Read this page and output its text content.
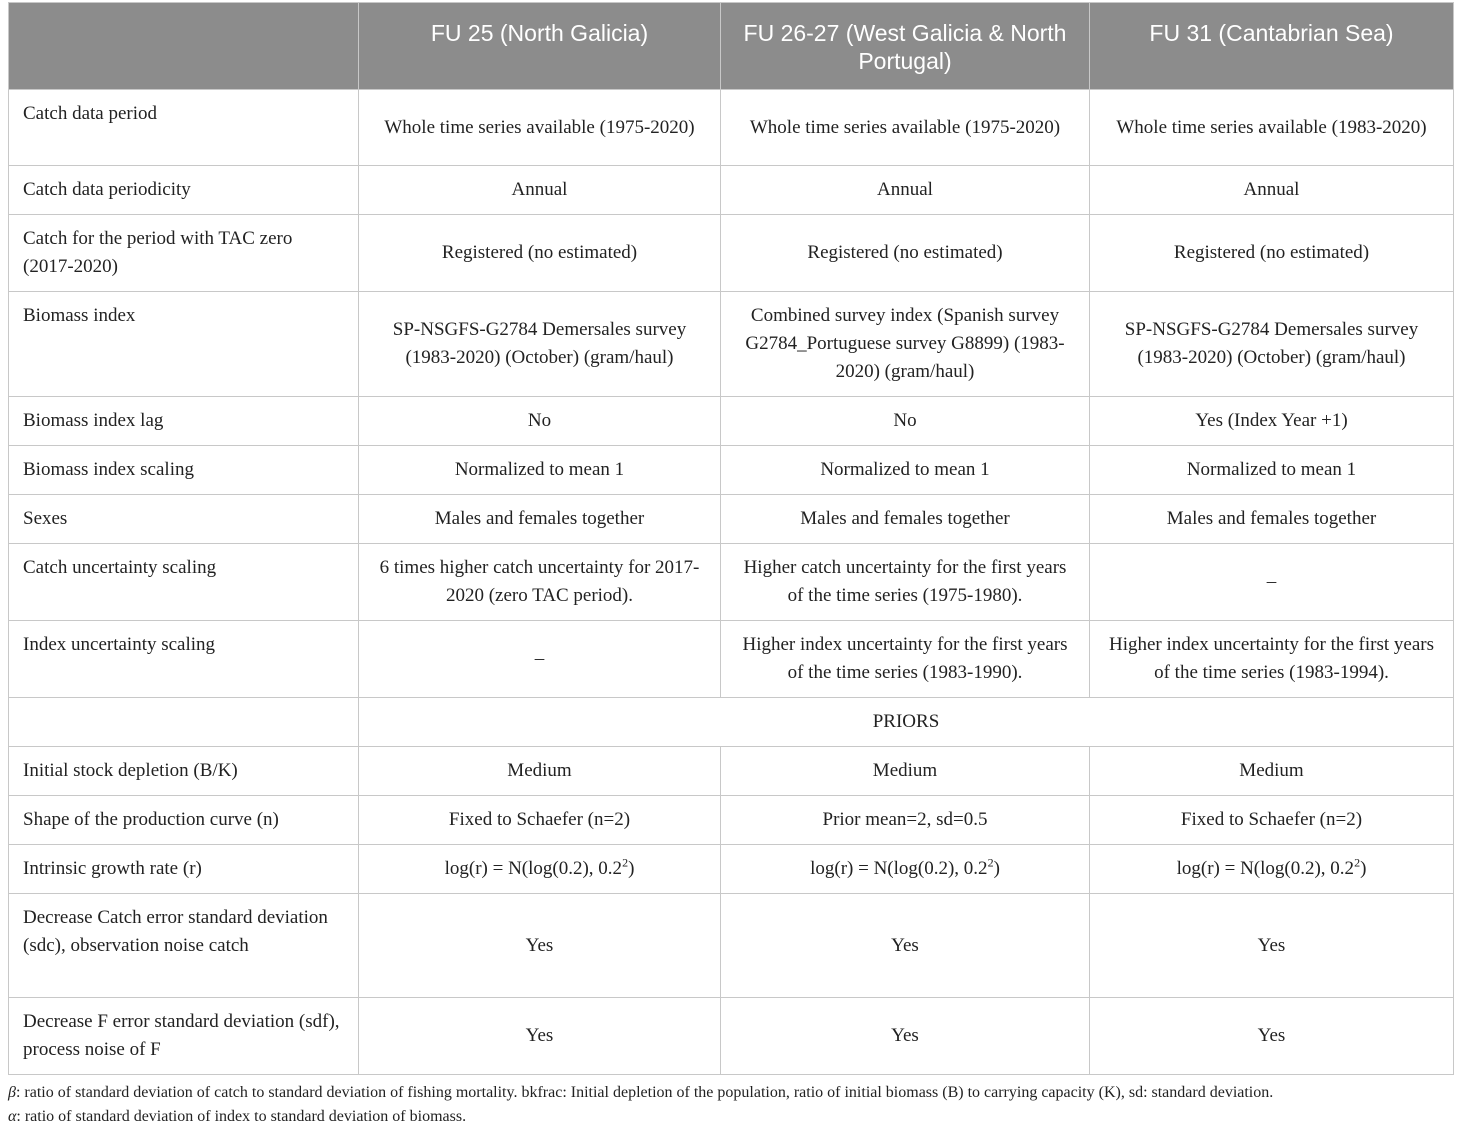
	FU 25 (North Galicia)	FU 26-27 (West Galicia & North Portugal)	FU 31 (Cantabrian Sea)
Catch data period	Whole time series available (1975-2020)	Whole time series available (1975-2020)	Whole time series available (1983-2020)
Catch data periodicity	Annual	Annual	Annual
Catch for the period with TAC zero (2017-2020)	Registered (no estimated)	Registered (no estimated)	Registered (no estimated)
Biomass index	SP-NSGFS-G2784 Demersales survey (1983-2020) (October) (gram/haul)	Combined survey index (Spanish survey G2784_Portuguese survey G8899) (1983-2020) (gram/haul)	SP-NSGFS-G2784 Demersales survey (1983-2020) (October) (gram/haul)
Biomass index lag	No	No	Yes (Index Year +1)
Biomass index scaling	Normalized to mean 1	Normalized to mean 1	Normalized to mean 1
Sexes	Males and females together	Males and females together	Males and females together
Catch uncertainty scaling	6 times higher catch uncertainty for 2017-2020 (zero TAC period).	Higher catch uncertainty for the first years of the time series (1975-1980).	–
Index uncertainty scaling	–	Higher index uncertainty for the first years of the time series (1983-1990).	Higher index uncertainty for the first years of the time series (1983-1994).
	PRIORS		
Initial stock depletion (B/K)	Medium	Medium	Medium
Shape of the production curve (n)	Fixed to Schaefer (n=2)	Prior mean=2, sd=0.5	Fixed to Schaefer (n=2)
Intrinsic growth rate (r)	log(r) = N(log(0.2), $0.2^2$)	log(r) = N(log(0.2), $0.2^2$)	log(r) = N(log(0.2), $0.2^2$)
Decrease Catch error standard deviation (sdc), observation noise catch	Yes	Yes	Yes
Decrease F error standard deviation (sdf), process noise of F	Yes	Yes	Yes

β: ratio of standard deviation of catch to standard deviation of fishing mortality. bkfrac: Initial depletion of the population, ratio of initial biomass (B) to carrying capacity (K), sd: standard deviation.

α: ratio of standard deviation of index to standard deviation of biomass.
